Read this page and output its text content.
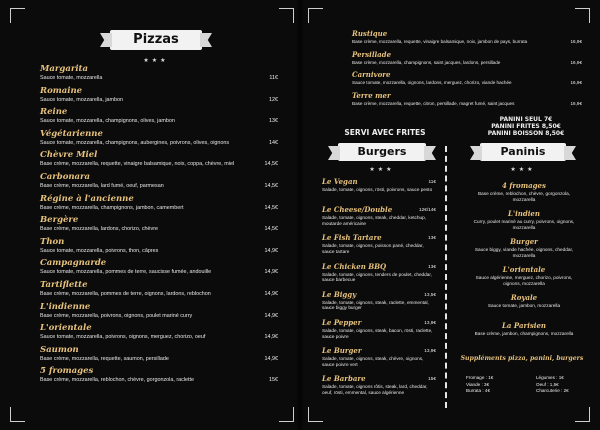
Pizzas
★★★
Margarita
Sauce tomate, mozzarella	11€
Romaine
Sauce tomate, mozzarella, jambon	12€
Reine
Sauce tomate, mozzarella, champignons, olives, jambon	13€
Végétarienne
Sauce tomate, mozzarella, champignons, aubergines, poivrons, olives, oignons	14€
Chèvre Miel
Base crème, mozzarella, requette, vinaigre balsamique, noix, coppa, chèvre, miel	14,5€
Carbonara
Base crème, mozzarella, lard fumé, oeuf, parmesan	14,5€
Régine à l'ancienne
Base crème, mozzarella, champignons, jambon, camembert	14,5€
Bergère
Base crème, mozzarella, lardons, chorizo, chèvre	14,5€
Thon
Sauce tomate, mozzarella, poivrons, thon, câpres	14,9€
Campagnarde
Sauce tomate, mozzarella, pommes de terre, saucisse fumée, andouille	14,9€
Tartiflette
Base crème, mozzarella, pommes de terre, oignons, lardons, reblochon	14,9€
L'indienne
Base crème, mozzarella, poivrons, oignons, poulet mariné curry	14,9€
L'orientale
Sauce tomate, mozzarella, poivrons, oignons, merguez, chorizo, oeuf	14,9€
Saumon
Base crème, mozzarella, requette, saumon, persillade	14,9€
5 fromages
Base crème, mozzarella, reblochon, chèvre, gorgonzola, raclette	15€
Rustique
Base crème, mozzarella, requette, vinaigre balsamique, noix, jambon de pays, burrata	16,9€
Persillade
Base crème, mozzarella, champignons, saint jacques, lardons, persillade	16,9€
Carnivore
Sauce tomate, mozzarella, oignons, lardons, merguez, chorizo, viande hachée	16,9€
Terre mer
Base crème, mozzarella, requette, citron, persillade, magret fumé, saint jacques	16,9€
SERVI AVEC FRITES
Burgers
★★★
Le Vegan
Salade, tomate, oignons, rösti, poivrons, sauce pesto
11€
Le Cheese/Double
Salade, tomate, oignons, steak, cheddar, ketchup, moutarde américaine
12€/14€
Le Fish Tartare
Salade, tomate, oignons, poisson pané, cheddar, sauce tartare
13€
Le Chicken BBQ
Salade, tomate, oignons, tenders de poulet, cheddar, sauce barbecue
13€
Le Biggy
Salade, tomate, oignons, steak, raclette, emmental, sauce biggy burger
13,5€
Le Pepper
Salade, tomate, oignons, steak, bacon, rösti, raclette, sauce poivre
13,9€
Le Burger
Salade, tomate, oignons, steak, chèvre, oignons, sauce poivre vert
13,9€
Le Barbare
Salade, tomate, oignons rôtis, steak, lard, cheddar, oeuf, rösti, emmental, sauce algérienne
15€
PANINI SEUL 7€
PANINI FRITES 8,50€
PANINI BOISSON 8,50€
Paninis
★★★
4 fromages
Base crème, reblochon, chèvre, gorgonzola, mozzarella
L'indien
Curry, poulet mariné au curry, poivrons, oignons, mozzarella
Burger
Sauce biggy, viande hachée, oignons, cheddar, mozzarella
L'orientale
Sauce algérienne, merguez, chorizo, poivrons, oignons, mozzarella
Royale
Sauce tomate, jambon, mozzarella
La Parisien
Base crème, jambon, champignons, mozzarella
Suppléments pizza, panini, burgers
Fromage : 1€
Viande : 3€
Burrata : 4€
Légumes : 1€
Oeuf : 1,5€
Charcuterie : 2€
